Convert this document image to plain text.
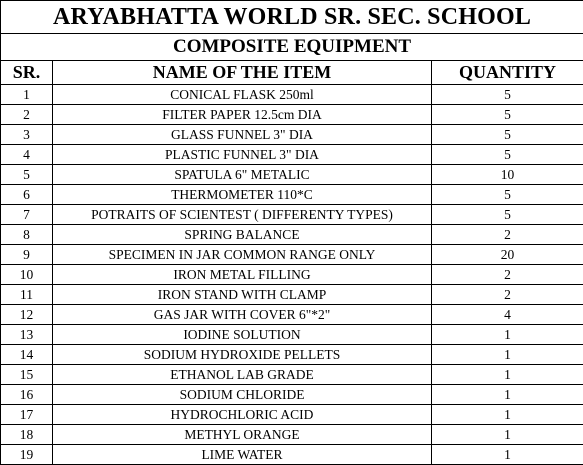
ARYABHATTA WORLD SR. SEC. SCHOOL		
COMPOSITE EQUIPMENT		
SR.	NAME OF THE ITEM	QUANTITY
1	CONICAL FLASK 250ml	5
2	FILTER PAPER 12.5cm DIA	5
3	GLASS FUNNEL 3" DIA	5
4	PLASTIC FUNNEL 3" DIA	5
5	SPATULA 6" METALIC	10
6	THERMOMETER 110*C	5
7	POTRAITS OF SCIENTEST ( DIFFERENTY TYPES)	5
8	SPRING BALANCE	2
9	SPECIMEN IN JAR COMMON RANGE ONLY	20
10	IRON METAL FILLING	2
11	IRON STAND WITH CLAMP	2
12	GAS JAR WITH COVER 6"*2"	4
13	IODINE SOLUTION	1
14	SODIUM HYDROXIDE PELLETS	1
15	ETHANOL LAB GRADE	1
16	SODIUM CHLORIDE	1
17	HYDROCHLORIC ACID	1
18	METHYL ORANGE	1
19	LIME WATER	1
